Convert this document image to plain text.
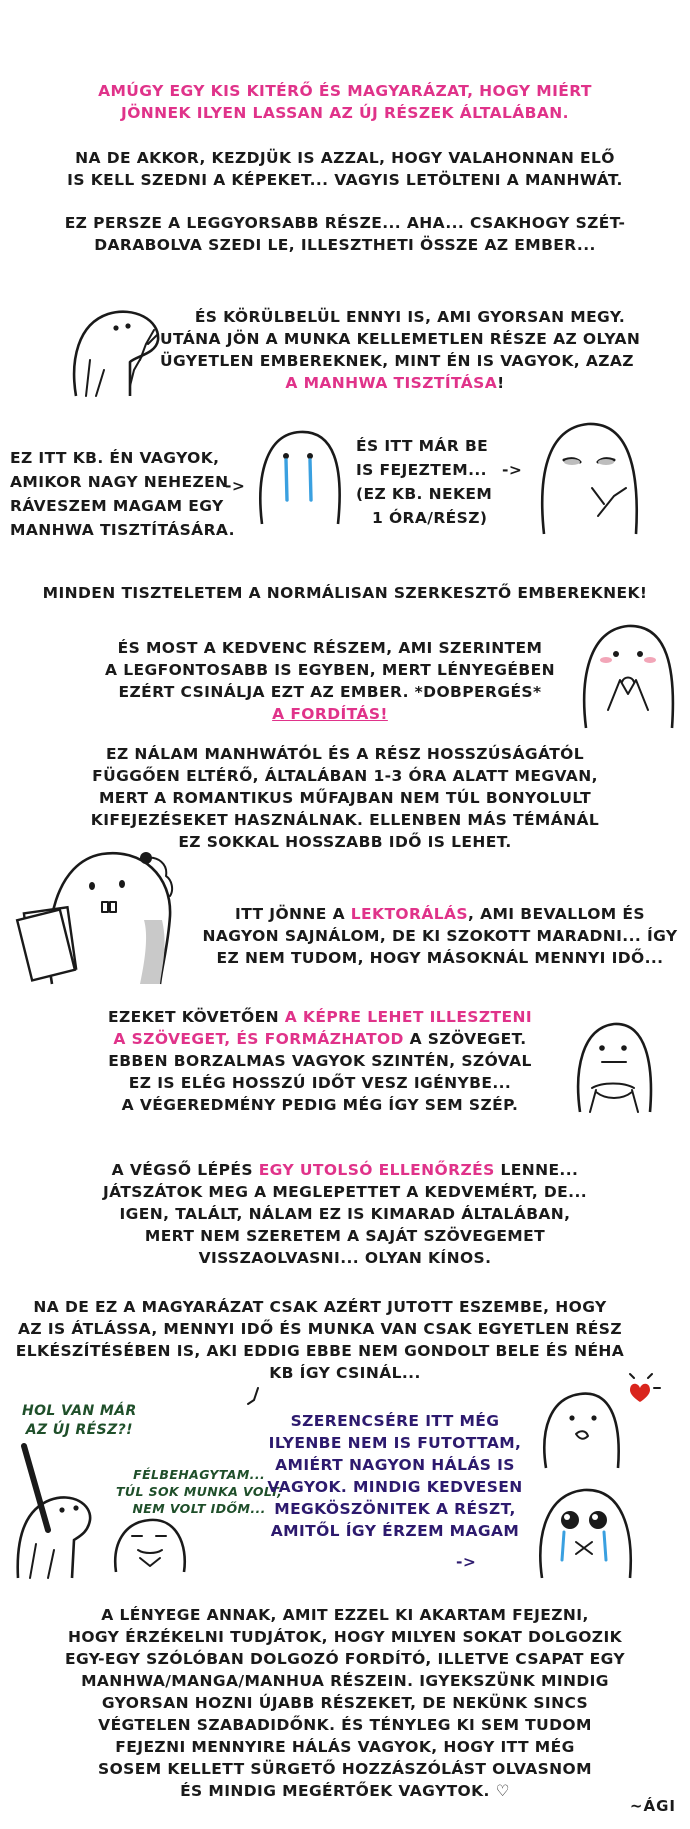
AMÚGY EGY KIS KITÉRŐ ÉS MAGYARÁZAT, HOGY MIÉRT
JÖNNEK ILYEN LASSAN AZ ÚJ RÉSZEK ÁLTALÁBAN.
NA DE AKKOR, KEZDJÜK IS AZZAL, HOGY VALAHONNAN ELŐ
IS KELL SZEDNI A KÉPEKET... VAGYIS LETÖLTENI A MANHWÁT.
EZ PERSZE A LEGGYORSABB RÉSZE... AHA... CSAKHOGY SZÉT-
DARABOLVA SZEDI LE, ILLESZTHETI ÖSSZE AZ EMBER...
ÉS KÖRÜLBELÜL ENNYI IS, AMI GYORSAN MEGY.
UTÁNA JÖN A MUNKA KELLEMETLEN RÉSZE AZ OLYAN
ÜGYETLEN EMBEREKNEK, MINT ÉN IS VAGYOK, AZAZ
A MANHWA TISZTÍTÁSA!
EZ ITT KB. ÉN VAGYOK,
AMIKOR NAGY NEHEZEN
RÁVESZEM MAGAM EGY
MANHWA TISZTÍTÁSÁRA.
->
ÉS ITT MÁR BE
IS FEJEZTEM...
(EZ KB. NEKEM
1 ÓRA/RÉSZ)
->
MINDEN TISZTELETEM A NORMÁLISAN SZERKESZTŐ EMBEREKNEK!
ÉS MOST A KEDVENC RÉSZEM, AMI SZERINTEM
A LEGFONTOSABB IS EGYBEN, MERT LÉNYEGÉBEN
EZÉRT CSINÁLJA EZT AZ EMBER. *DOBPERGÉS*
A FORDÍTÁS!
EZ NÁLAM MANHWÁTÓL ÉS A RÉSZ HOSSZÚSÁGÁTÓL
FÜGGŐEN ELTÉRŐ, ÁLTALÁBAN 1-3 ÓRA ALATT MEGVAN,
MERT A ROMANTIKUS MŰFAJBAN NEM TÚL BONYOLULT
KIFEJEZÉSEKET HASZNÁLNAK. ELLENBEN MÁS TÉMÁNÁL
EZ SOKKAL HOSSZABB IDŐ IS LEHET.
ITT JÖNNE A LEKTORÁLÁS, AMI BEVALLOM ÉS
NAGYON SAJNÁLOM, DE KI SZOKOTT MARADNI... ÍGY
EZ NEM TUDOM, HOGY MÁSOKNÁL MENNYI IDŐ...
EZEKET KÖVETŐEN A KÉPRE LEHET ILLESZTENI
A SZÖVEGET, ÉS FORMÁZHATOD A SZÖVEGET.
EBBEN BORZALMAS VAGYOK SZINTÉN, SZÓVAL
EZ IS ELÉG HOSSZÚ IDŐT VESZ IGÉNYBE...
A VÉGEREDMÉNY PEDIG MÉG ÍGY SEM SZÉP.
A VÉGSŐ LÉPÉS EGY UTOLSÓ ELLENŐRZÉS LENNE...
JÁTSZÁTOK MEG A MEGLEPETTET A KEDVEMÉRT, DE...
IGEN, TALÁLT, NÁLAM EZ IS KIMARAD ÁLTALÁBAN,
MERT NEM SZERETEM A SAJÁT SZÖVEGEMET
VISSZAOLVASNI... OLYAN KÍNOS.
NA DE EZ A MAGYARÁZAT CSAK AZÉRT JUTOTT ESZEMBE, HOGY
AZ IS ÁTLÁSSA, MENNYI IDŐ ÉS MUNKA VAN CSAK EGYETLEN RÉSZ
ELKÉSZÍTÉSÉBEN IS, AKI EDDIG EBBE NEM GONDOLT BELE ÉS NÉHA
KB ÍGY CSINÁL...
HOL VAN MÁR
AZ ÚJ RÉSZ?!
FÉLBEHAGYTAM...
TÚL SOK MUNKA VOLT,
NEM VOLT IDŐM...
SZERENCSÉRE ITT MÉG
ILYENBE NEM IS FUTOTTAM,
AMIÉRT NAGYON HÁLÁS IS
VAGYOK. MINDIG KEDVESEN
MEGKÖSZÖNITEK A RÉSZT,
AMITŐL ÍGY ÉRZEM MAGAM
->
A LÉNYEGE ANNAK, AMIT EZZEL KI AKARTAM FEJEZNI,
HOGY ÉRZÉKELNI TUDJÁTOK, HOGY MILYEN SOKAT DOLGOZIK
EGY-EGY SZÓLÓBAN DOLGOZÓ FORDÍTÓ, ILLETVE CSAPAT EGY
MANHWA/MANGA/MANHUA RÉSZEIN. IGYEKSZÜNK MINDIG
GYORSAN HOZNI ÚJABB RÉSZEKET, DE NEKÜNK SINCS
VÉGTELEN SZABADIDŐNK. ÉS TÉNYLEG KI SEM TUDOM
FEJEZNI MENNYIRE HÁLÁS VAGYOK, HOGY ITT MÉG
SOSEM KELLETT SÜRGETŐ HOZZÁSZÓLÁST OLVASNOM
ÉS MINDIG MEGÉRTŐEK VAGYTOK. ♡
~ÁGI
